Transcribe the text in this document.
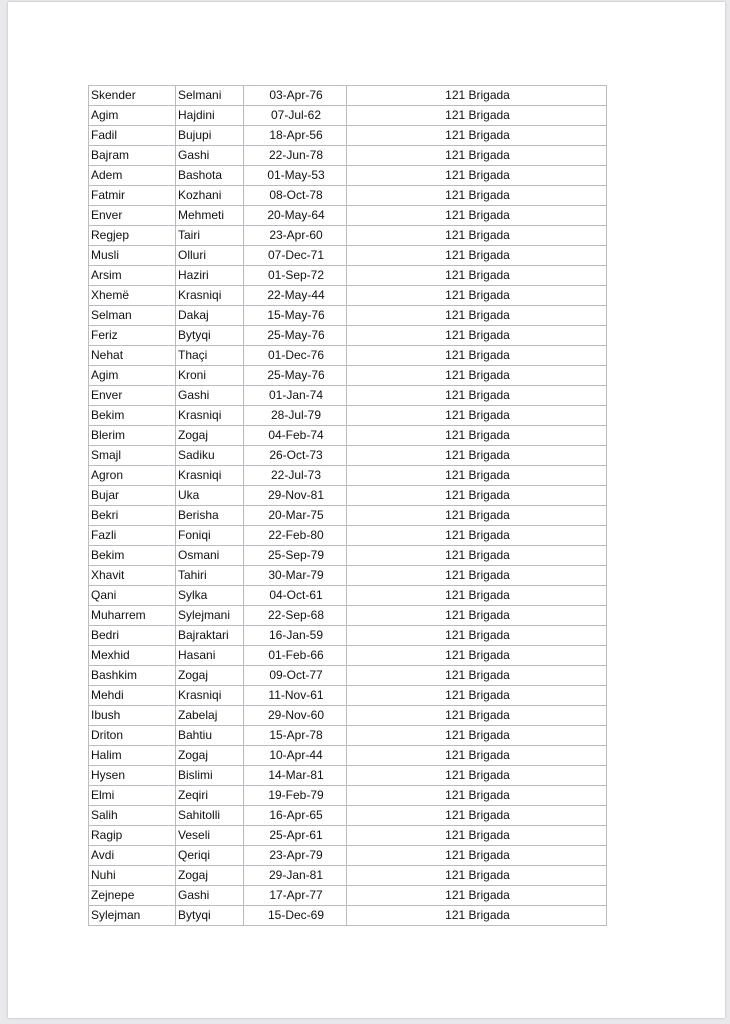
Skender	Selmani	03-Apr-76	121 Brigada
Agim	Hajdini	07-Jul-62	121 Brigada
Fadil	Bujupi	18-Apr-56	121 Brigada
Bajram	Gashi	22-Jun-78	121 Brigada
Adem	Bashota	01-May-53	121 Brigada
Fatmir	Kozhani	08-Oct-78	121 Brigada
Enver	Mehmeti	20-May-64	121 Brigada
Regjep	Tairi	23-Apr-60	121 Brigada
Musli	Olluri	07-Dec-71	121 Brigada
Arsim	Haziri	01-Sep-72	121 Brigada
Xhemë	Krasniqi	22-May-44	121 Brigada
Selman	Dakaj	15-May-76	121 Brigada
Feriz	Bytyqi	25-May-76	121 Brigada
Nehat	Thaçi	01-Dec-76	121 Brigada
Agim	Kroni	25-May-76	121 Brigada
Enver	Gashi	01-Jan-74	121 Brigada
Bekim	Krasniqi	28-Jul-79	121 Brigada
Blerim	Zogaj	04-Feb-74	121 Brigada
Smajl	Sadiku	26-Oct-73	121 Brigada
Agron	Krasniqi	22-Jul-73	121 Brigada
Bujar	Uka	29-Nov-81	121 Brigada
Bekri	Berisha	20-Mar-75	121 Brigada
Fazli	Foniqi	22-Feb-80	121 Brigada
Bekim	Osmani	25-Sep-79	121 Brigada
Xhavit	Tahiri	30-Mar-79	121 Brigada
Qani	Sylka	04-Oct-61	121 Brigada
Muharrem	Sylejmani	22-Sep-68	121 Brigada
Bedri	Bajraktari	16-Jan-59	121 Brigada
Mexhid	Hasani	01-Feb-66	121 Brigada
Bashkim	Zogaj	09-Oct-77	121 Brigada
Mehdi	Krasniqi	11-Nov-61	121 Brigada
Ibush	Zabelaj	29-Nov-60	121 Brigada
Driton	Bahtiu	15-Apr-78	121 Brigada
Halim	Zogaj	10-Apr-44	121 Brigada
Hysen	Bislimi	14-Mar-81	121 Brigada
Elmi	Zeqiri	19-Feb-79	121 Brigada
Salih	Sahitolli	16-Apr-65	121 Brigada
Ragip	Veseli	25-Apr-61	121 Brigada
Avdi	Qeriqi	23-Apr-79	121 Brigada
Nuhi	Zogaj	29-Jan-81	121 Brigada
Zejnepe	Gashi	17-Apr-77	121 Brigada
Sylejman	Bytyqi	15-Dec-69	121 Brigada
